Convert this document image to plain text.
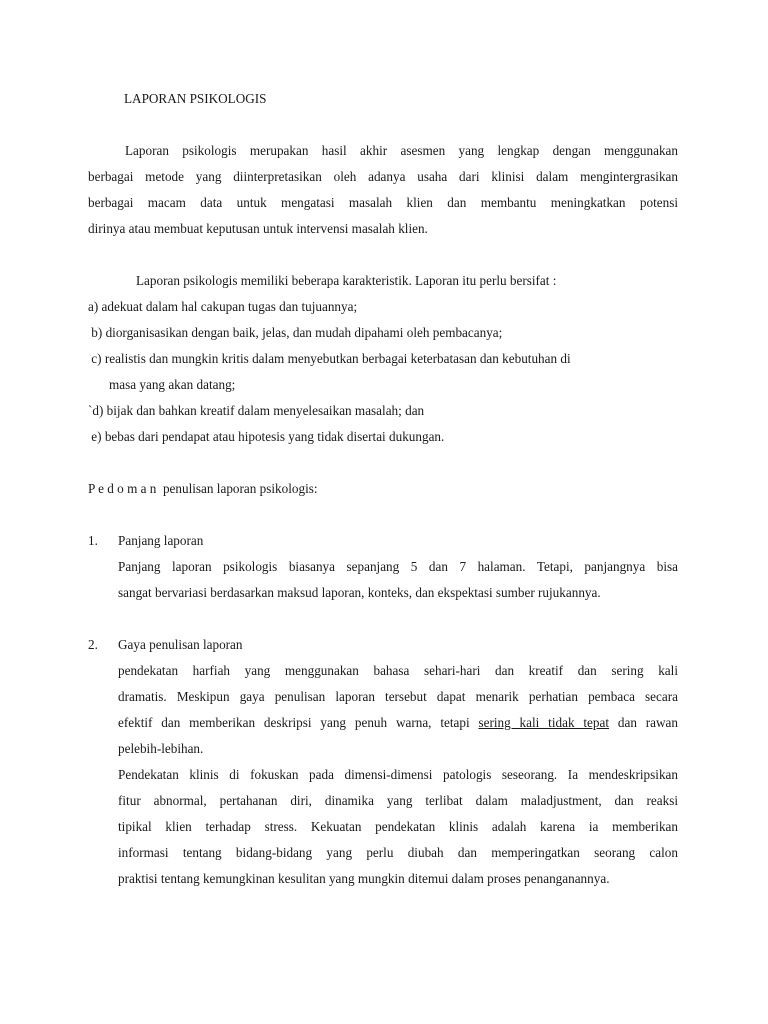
LAPORAN PSIKOLOGIS
Laporan psikologis merupakan hasil akhir asesmen yang lengkap dengan menggunakan
berbagai metode yang diinterpretasikan oleh adanya usaha dari klinisi dalam mengintergrasikan
berbagai macam data untuk mengatasi masalah klien dan membantu meningkatkan potensi
dirinya atau membuat keputusan untuk intervensi masalah klien.
Laporan psikologis memiliki beberapa karakteristik. Laporan itu perlu bersifat :
a) adekuat dalam hal cakupan tugas dan tujuannya;
b) diorganisasikan dengan baik, jelas, dan mudah dipahami oleh pembacanya;
c) realistis dan mungkin kritis dalam menyebutkan berbagai keterbatasan dan kebutuhan di
masa yang akan datang;
`d) bijak dan bahkan kreatif dalam menyelesaikan masalah; dan
e) bebas dari pendapat atau hipotesis yang tidak disertai dukungan.
P e d o m a n  penulisan laporan psikologis:
1. Panjang laporan
Panjang laporan psikologis biasanya sepanjang 5 dan 7 halaman. Tetapi, panjangnya bisa
sangat bervariasi berdasarkan maksud laporan, konteks, dan ekspektasi sumber rujukannya.
2. Gaya penulisan laporan
pendekatan harfiah yang menggunakan bahasa sehari-hari dan kreatif dan sering kali
dramatis. Meskipun gaya penulisan laporan tersebut dapat menarik perhatian pembaca secara
efektif dan memberikan deskripsi yang penuh warna, tetapi sering kali tidak tepat dan rawan
pelebih-lebihan.
Pendekatan klinis di fokuskan pada dimensi-dimensi patologis seseorang. Ia mendeskripsikan
fitur abnormal, pertahanan diri, dinamika yang terlibat dalam maladjustment, dan reaksi
tipikal klien terhadap stress. Kekuatan pendekatan klinis adalah karena ia memberikan
informasi tentang bidang-bidang yang perlu diubah dan memperingatkan seorang calon
praktisi tentang kemungkinan kesulitan yang mungkin ditemui dalam proses penanganannya.
